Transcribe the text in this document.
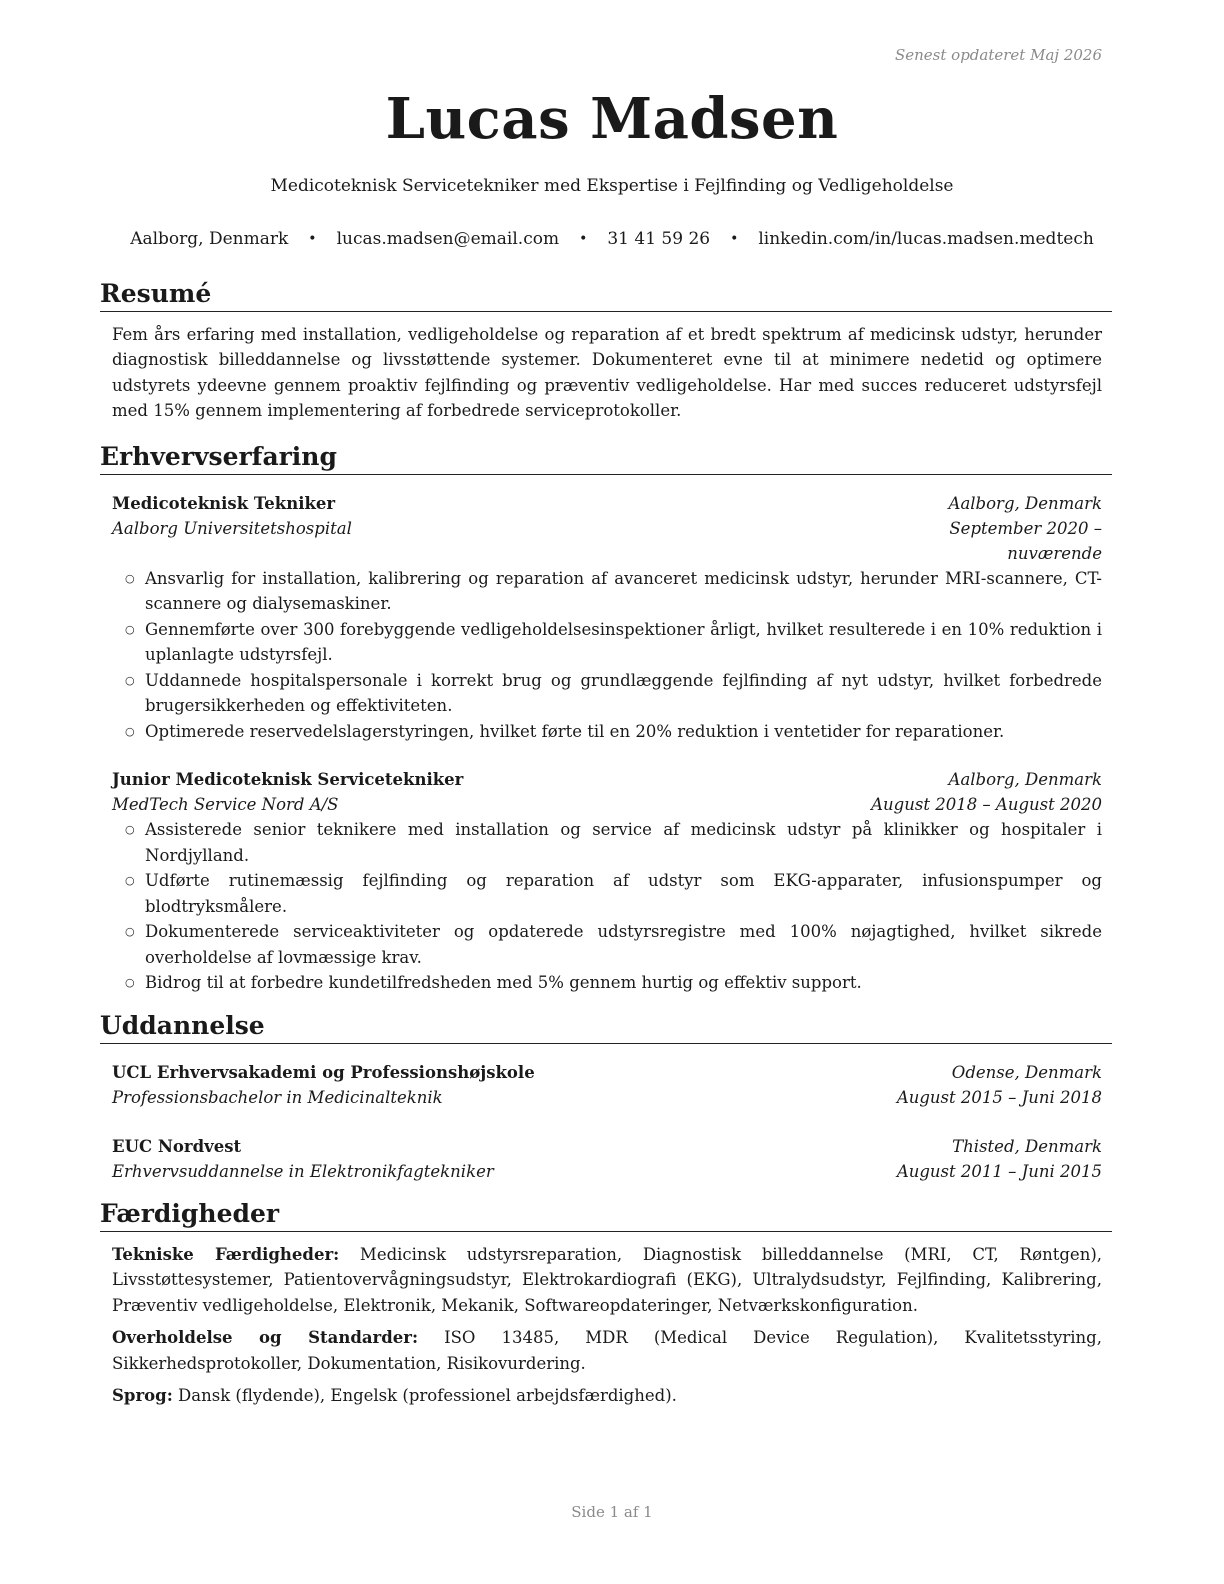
Senest opdateret Maj 2026
Lucas Madsen
Medicoteknisk Servicetekniker med Ekspertise i Fejlfinding og Vedligeholdelse
Aalborg, Denmark • lucas.madsen@email.com • 31 41 59 26 • linkedin.com/in/lucas.madsen.medtech
Resumé
Fem års erfaring med installation, vedligeholdelse og reparation af et bredt spektrum af medicinsk udstyr, herunder diagnostisk billeddannelse og livsstøttende systemer. Dokumenteret evne til at minimere nedetid og optimere udstyrets ydeevne gennem proaktiv fejlfinding og præventiv vedligeholdelse. Har med succes reduceret udstyrsfejl med 15% gennem implementering af forbedrede serviceprotokoller.
Erhvervserfaring
Medicoteknisk Tekniker	Aalborg, Denmark
Aalborg Universitetshospital	September 2020 – nuværende
○ Ansvarlig for installation, kalibrering og reparation af avanceret medicinsk udstyr, herunder MRI-scannere, CT-scannere og dialysemaskiner.
○ Gennemførte over 300 forebyggende vedligeholdelsesinspektioner årligt, hvilket resulterede i en 10% reduktion i uplanlagte udstyrsfejl.
○ Uddannede hospitalspersonale i korrekt brug og grundlæggende fejlfinding af nyt udstyr, hvilket forbedrede brugersikkerheden og effektiviteten.
○ Optimerede reservedelslagerstyringen, hvilket førte til en 20% reduktion i ventetider for reparationer.
Junior Medicoteknisk Servicetekniker	Aalborg, Denmark
MedTech Service Nord A/S	August 2018 – August 2020
○ Assisterede senior teknikere med installation og service af medicinsk udstyr på klinikker og hospitaler i Nordjylland.
○ Udførte rutinemæssig fejlfinding og reparation af udstyr som EKG-apparater, infusionspumper og blodtryksmålere.
○ Dokumenterede serviceaktiviteter og opdaterede udstyrsregistre med 100% nøjagtighed, hvilket sikrede overholdelse af lovmæssige krav.
○ Bidrog til at forbedre kundetilfredsheden med 5% gennem hurtig og effektiv support.
Uddannelse
UCL Erhvervsakademi og Professionshøjskole	Odense, Denmark
Professionsbachelor in Medicinalteknik	August 2015 – Juni 2018
EUC Nordvest	Thisted, Denmark
Erhvervsuddannelse in Elektronikfagtekniker	August 2011 – Juni 2015
Færdigheder
Tekniske Færdigheder: Medicinsk udstyrsreparation, Diagnostisk billeddannelse (MRI, CT, Røntgen), Livsstøttesystemer, Patientovervågningsudstyr, Elektrokardiografi (EKG), Ultralydsudstyr, Fejlfinding, Kalibrering, Præventiv vedligeholdelse, Elektronik, Mekanik, Softwareopdateringer, Netværkskonfiguration.
Overholdelse og Standarder: ISO 13485, MDR (Medical Device Regulation), Kvalitetsstyring, Sikkerhedsprotokoller, Dokumentation, Risikovurdering.
Sprog: Dansk (flydende), Engelsk (professionel arbejdsfærdighed).
Side 1 af 1
